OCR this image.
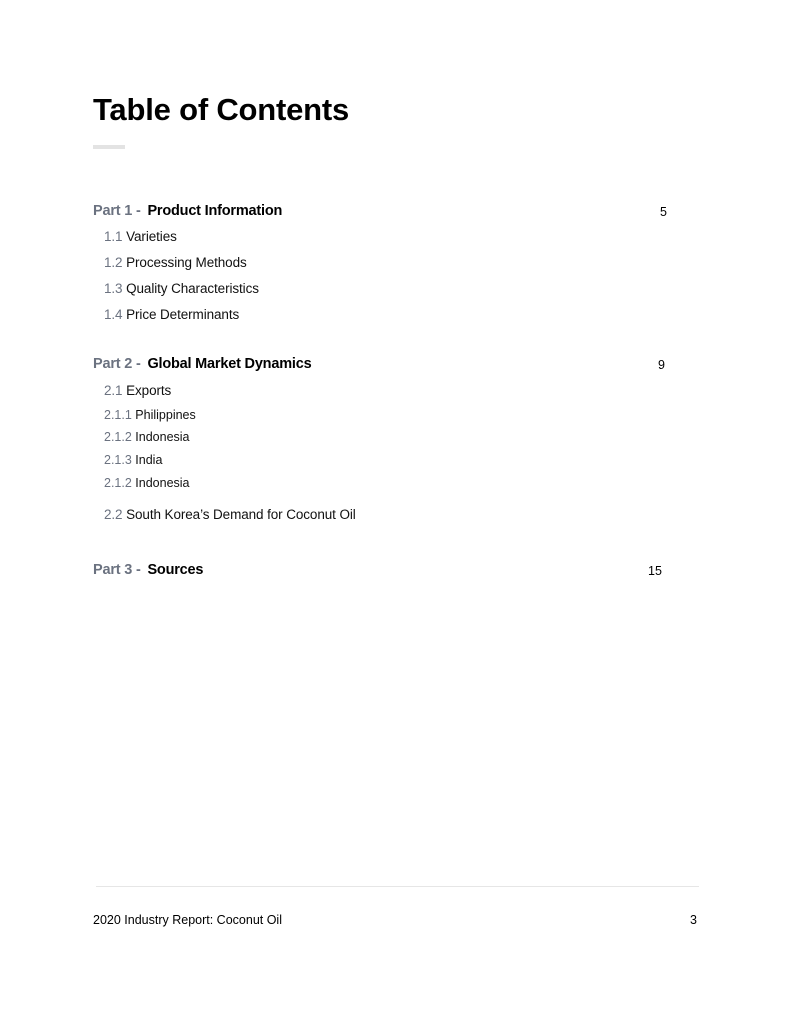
Table of Contents
Part 1 - Product Information	5
1.1 Varieties
1.2 Processing Methods
1.3 Quality Characteristics
1.4 Price Determinants
Part 2 - Global Market Dynamics	9
2.1 Exports
2.1.1 Philippines
2.1.2 Indonesia
2.1.3 India
2.1.2 Indonesia
2.2 South Korea’s Demand for Coconut Oil
Part 3 - Sources	15
2020 Industry Report: Coconut Oil	3
